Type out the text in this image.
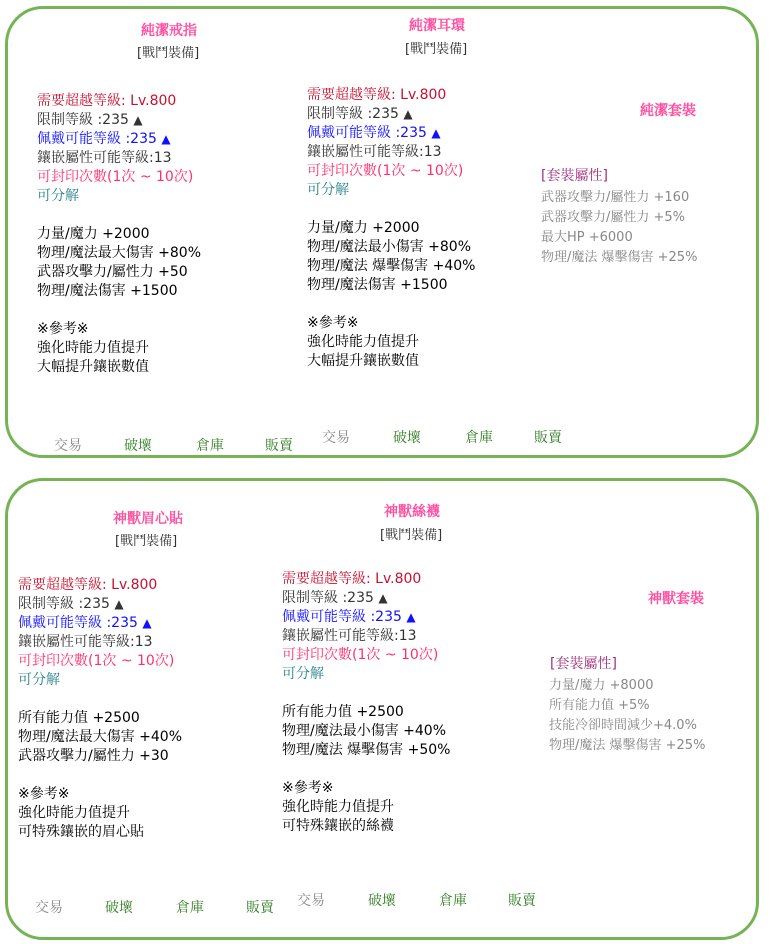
純潔戒指
[戰鬥裝備]
需要超越等級: Lv.800
限制等級 :235 ▲
佩戴可能等級 :235 ▲
鑲嵌屬性可能等級:13
可封印次數(1次 ~ 10次)
可分解
力量/魔力 +2000
物理/魔法最大傷害 +80%
武器攻擊力/屬性力 +50
物理/魔法傷害 +1500
※參考※
強化時能力值提升
大幅提升鑲嵌數值
交易	破壞	倉庫	販賣
純潔耳環
[戰鬥裝備]
需要超越等級: Lv.800
限制等級 :235 ▲
佩戴可能等級 :235 ▲
鑲嵌屬性可能等級:13
可封印次數(1次 ~ 10次)
可分解
力量/魔力 +2000
物理/魔法最小傷害 +80%
物理/魔法 爆擊傷害 +40%
物理/魔法傷害 +1500
※參考※
強化時能力值提升
大幅提升鑲嵌數值
交易	破壞	倉庫	販賣
純潔套裝
[套裝屬性]
武器攻擊力/屬性力 +160
武器攻擊力/屬性力 +5%
最大HP +6000
物理/魔法 爆擊傷害 +25%
神獸眉心貼
[戰鬥裝備]
需要超越等級: Lv.800
限制等級 :235 ▲
佩戴可能等級 :235 ▲
鑲嵌屬性可能等級:13
可封印次數(1次 ~ 10次)
可分解
所有能力值 +2500
物理/魔法最大傷害 +40%
武器攻擊力/屬性力 +30
※參考※
強化時能力值提升
可特殊鑲嵌的眉心貼
交易	破壞	倉庫	販賣
神獸絲襪
[戰鬥裝備]
需要超越等級: Lv.800
限制等級 :235 ▲
佩戴可能等級 :235 ▲
鑲嵌屬性可能等級:13
可封印次數(1次 ~ 10次)
可分解
所有能力值 +2500
物理/魔法最小傷害 +40%
物理/魔法 爆擊傷害 +50%
※參考※
強化時能力值提升
可特殊鑲嵌的絲襪
交易	破壞	倉庫	販賣
神獸套裝
[套裝屬性]
力量/魔力 +8000
所有能力值 +5%
技能冷卻時間減少+4.0%
物理/魔法 爆擊傷害 +25%
